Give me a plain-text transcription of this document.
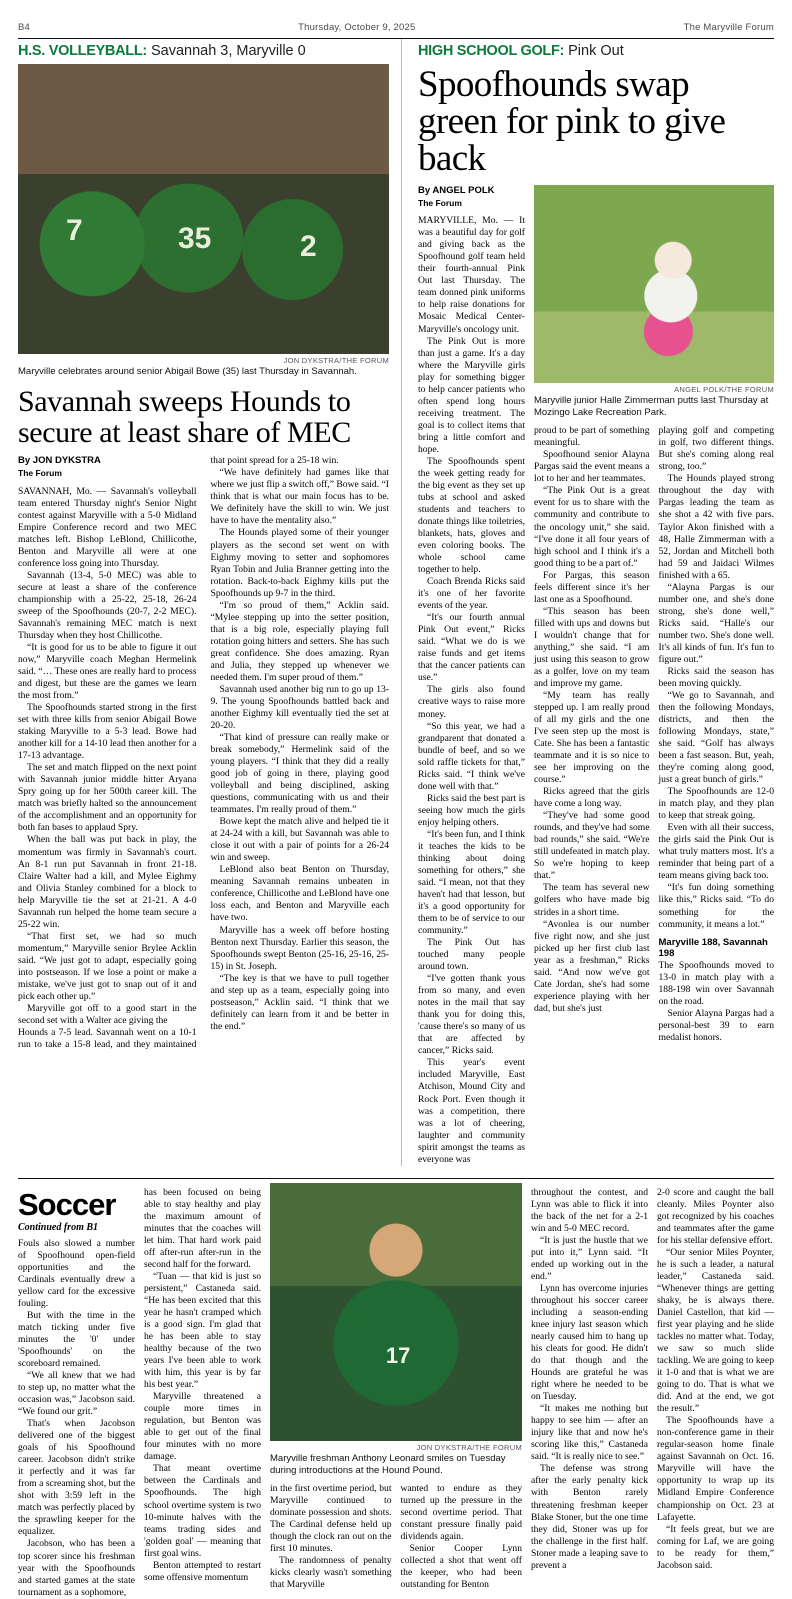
B4	Thursday, October 9, 2025	The Maryville Forum
H.S. VOLLEYBALL: Savannah 3, Maryville 0
7	35	2
JON DYKSTRA/THE FORUM
Maryville celebrates around senior Abigail Bowe (35) last Thursday in Savannah.
Savannah sweeps Hounds to secure at least share of MEC
By JON DYKSTRA
The Forum

SAVANNAH, Mo. — Savannah's volleyball team entered Thursday night's Senior Night contest against Maryville with a 5-0 Midland Empire Conference record and two MEC matches left. Bishop LeBlond, Chillicothe, Benton and Maryville all were at one conference loss going into Thursday.

Savannah (13-4, 5-0 MEC) was able to secure at least a share of the conference championship with a 25-22, 25-18, 26-24 sweep of the Spoofhounds (20-7, 2-2 MEC). Savannah's remaining MEC match is next Thursday when they host Chillicothe.

“It is good for us to be able to figure it out now,” Maryville coach Meghan Hermelink said. “… These ones are really hard to process and digest, but these are the games we learn the most from.”

The Spoofhounds started strong in the first set with three kills from senior Abigail Bowe staking Maryville to a 5-3 lead. Bowe had another kill for a 14-10 lead then another for a 17-13 advantage.

The set and match flipped on the next point with Savannah junior middle hitter Aryana Spry going up for her 500th career kill. The match was briefly halted so the announcement of the accomplishment and an opportunity for both fan bases to applaud Spry.

When the ball was put back in play, the momentum was firmly in Savannah's court. An 8-1 run put Savannah in front 21-18. Claire Walter had a kill, and Mylee Eighmy and Olivia Stanley combined for a block to help Maryville tie the set at 21-21. A 4-0 Savannah run helped the home team secure a 25-22 win.

“That first set, we had so much momentum,” Maryville senior Brylee Acklin said. “We just got to adapt, especially going into postseason. If we lose a point or make a mistake, we've just got to snap out of it and pick each other up.”

Maryville got off to a good start in the second set with a Walter ace giving the

Hounds a 7-5 lead. Savannah went on a 10-1 run to take a 15-8 lead, and they maintained that point spread for a 25-18 win.

“We have definitely had games like that where we just flip a switch off,” Bowe said. “I think that is what our main focus has to be. We definitely have the skill to win. We just have to have the mentality also.”

The Hounds played some of their younger players as the second set went on with Eighmy moving to setter and sophomores Ryan Tobin and Julia Branner getting into the rotation. Back-to-back Eighmy kills put the Spoofhounds up 9-7 in the third.

“I'm so proud of them,” Acklin said. “Mylee stepping up into the setter position, that is a big role, especially playing full rotation going hitters and setters. She has such great confidence. She does amazing. Ryan and Julia, they stepped up whenever we needed them. I'm super proud of them.”

Savannah used another big run to go up 13-9. The young Spoofhounds battled back and another Eighmy kill eventually tied the set at 20-20.

“That kind of pressure can really make or break somebody,” Hermelink said of the young players. “I think that they did a really good job of going in there, playing good volleyball and being disciplined, asking questions, communicating with us and their teammates. I'm really proud of them.”

Bowe kept the match alive and helped tie it at 24-24 with a kill, but Savannah was able to close it out with a pair of points for a 26-24 win and sweep.

LeBlond also beat Benton on Thursday, meaning Savannah remains unbeaten in conference, Chillicothe and LeBlond have one loss each, and Benton and Maryville each have two.

Maryville has a week off before hosting Benton next Thursday. Earlier this season, the Spoofhounds swept Benton (25-16, 25-16, 25-15) in St. Joseph.

“The key is that we have to pull together and step up as a team, especially going into postseason,” Acklin said. “I think that we definitely can learn from it and be better in the end.”

HIGH SCHOOL GOLF: Pink Out
Spoofhounds swap green for pink to give back
By ANGEL POLK
The Forum

MARYVILLE, Mo. — It was a beautiful day for golf and giving back as the Spoofhound golf team held their fourth-annual Pink Out last Thursday. The team donned pink uniforms to help raise donations for Mosaic Medical Center-Maryville's oncology unit.

The Pink Out is more than just a game. It's a day where the Maryville girls play for something bigger to help cancer patients who often spend long hours receiving treatment. The goal is to collect items that bring a little comfort and hope.

The Spoofhounds spent the week getting ready for the big event as they set up tubs at school and asked students and teachers to donate things like toiletries, blankets, hats, gloves and even coloring books. The whole school came together to help.

Coach Brenda Ricks said it's one of her favorite events of the year.

“It's our fourth annual Pink Out event,” Ricks said. “What we do is we raise funds and get items that the cancer patients can use.”

The girls also found creative ways to raise more money.

“So this year, we had a grandparent that donated a bundle of beef, and so we sold raffle tickets for that,” Ricks said. “I think we've done well with that.”

Ricks said the best part is seeing how much the girls enjoy helping others.

“It's been fun, and I think it teaches the kids to be thinking about doing something for others,” she said. “I mean, not that they haven't had that lesson, but it's a good opportunity for them to be of service to our community.”

The Pink Out has touched many people around town.

“I've gotten thank yous from so many, and even notes in the mail that say thank you for doing this, 'cause there's so many of us that are affected by cancer,” Ricks said.

This year's event included Maryville, East Atchison, Mound City and Rock Port. Even though it was a competition, there was a lot of cheering, laughter and community spirit amongst the teams as everyone was

ANGEL POLK/THE FORUM
Maryville junior Halle Zimmerman putts last Thursday at Mozingo Lake Recreation Park.

proud to be part of something meaningful.

Spoofhound senior Alayna Pargas said the event means a lot to her and her teammates.

“The Pink Out is a great event for us to share with the community and contribute to the oncology unit,” she said. “I've done it all four years of high school and I think it's a good thing to be a part of.”

For Pargas, this season feels different since it's her last one as a Spoofhound.

“This season has been filled with ups and downs but I wouldn't change that for anything,” she said. “I am just using this season to grow as a golfer, love on my team and improve my game.

“My team has really stepped up. I am really proud of all my girls and the one I've seen step up the most is Cate. She has been a fantastic teammate and it is so nice to see her improving on the course.”

Ricks agreed that the girls have come a long way.

“They've had some good rounds, and they've had some bad rounds,” she said. “We're still undefeated in match play. So we're hoping to keep that.”

The team has several new golfers who have made big strides in a short time.

“Avonlea is our number five right now, and she just picked up her first club last year as a freshman,” Ricks said. “And now we've got Cate Jordan, she's had some experience playing with her dad, but she's just

playing golf and competing in golf, two different things. But she's coming along real strong, too.”

The Hounds played strong throughout the day with Pargas leading the team as she shot a 42 with five pars. Taylor Akon finished with a 48, Halle Zimmerman with a 52, Jordan and Mitchell both had 59 and Jaidaci Wilmes finished with a 65.

“Alayna Pargas is our number one, and she's done strong, she's done well,” Ricks said. “Halle's our number two. She's done well. It's all kinds of fun. It's fun to figure out.”

Ricks said the season has been moving quickly.

“We go to Savannah, and then the following Mondays, districts, and then the following Mondays, state,” she said. “Golf has always been a fast season. But, yeah, they're coming along good, just a great bunch of girls.”

The Spoofhounds are 12-0 in match play, and they plan to keep that streak going.

Even with all their success, the girls said the Pink Out is what truly matters most. It's a reminder that being part of a team means giving back too.

“It's fun doing something like this,” Ricks said. “To do something for the community, it means a lot.”

Maryville 188, Savannah 198

The Spoofhounds moved to 13-0 in match play with a 188-198 win over Savannah on the road.

Senior Alayna Pargas had a personal-best 39 to earn medalist honors.

Soccer
Continued from B1

Fouls also slowed a number of Spoofhound open-field opportunities and the Cardinals eventually drew a yellow card for the excessive fouling.

But with the time in the match ticking under five minutes the '0' under 'Spoofhounds' on the scoreboard remained.

“We all knew that we had to step up, no matter what the occasion was,” Jacobson said. “We found our grit.”

That's when Jacobson delivered one of the biggest goals of his Spoofhound career. Jacobson didn't strike it perfectly and it was far from a screaming shot, but the shot with 3:59 left in the match was perfectly placed by the sprawling keeper for the equalizer.

Jacobson, who has been a top scorer since his freshman year with the Spoofhounds and started games at the state tournament as a sophomore,

has been focused on being able to stay healthy and play the maximum amount of minutes that the coaches will let him. That hard work paid off after-run after-run in the second half for the forward.

“Tuan — that kid is just so persistent,” Castaneda said. “He has been excited that this year he hasn't cramped which is a good sign. I'm glad that he has been able to stay healthy because of the two years I've been able to work with him, this year is by far his best year.”

Maryville threatened a couple more times in regulation, but Benton was able to get out of the final four minutes with no more damage.

That meant overtime between the Cardinals and Spoofhounds. The high school overtime system is two 10-minute halves with the teams trading sides and 'golden goal' — meaning that first goal wins.

Benton attempted to restart some offensive momentum

17
JON DYKSTRA/THE FORUM
Maryville freshman Anthony Leonard smiles on Tuesday during introductions at the Hound Pound.

in the first overtime period, but Maryville continued to dominate possession and shots. The Cardinal defense held up though the clock ran out on the first 10 minutes.

The randomness of penalty kicks clearly wasn't something that Maryville

wanted to endure as they turned up the pressure in the second overtime period. That constant pressure finally paid dividends again.

Senior Cooper Lynn collected a shot that went off the keeper, who had been outstanding for Benton

throughout the contest, and Lynn was able to flick it into the back of the net for a 2-1 win and 5-0 MEC record.

“It is just the hustle that we put into it,” Lynn said. “It ended up working out in the end.”

Lynn has overcome injuries throughout his soccer career including a season-ending knee injury last season which nearly caused him to hang up his cleats for good. He didn't do that though and the Hounds are grateful he was right where he needed to be on Tuesday.

“It makes me nothing but happy to see him — after an injury like that and now he's scoring like this,” Castaneda said. “It is really nice to see.”

The defense was strong after the early penalty kick with Benton rarely threatening freshman keeper Blake Stoner, but the one time they did, Stoner was up for the challenge in the first half. Stoner made a leaping save to prevent a

2-0 score and caught the ball cleanly. Miles Poynter also got recognized by his coaches and teammates after the game for his stellar defensive effort.

“Our senior Miles Poynter, he is such a leader, a natural leader,” Castaneda said. “Whenever things are getting shaky, he is always there. Daniel Castellon, that kid — first year playing and he slide tackles no matter what. Today, we saw so much slide tackling. We are going to keep it 1-0 and that is what we are going to do. That is what we did. And at the end, we got the result.”

The Spoofhounds have a non-conference game in their regular-season home finale against Savannah on Oct. 16. Maryville will have the opportunity to wrap up its Midland Empire Conference championship on Oct. 23 at Lafayette.

“It feels great, but we are coming for Laf, we are going to be ready for them,” Jacobson said.
